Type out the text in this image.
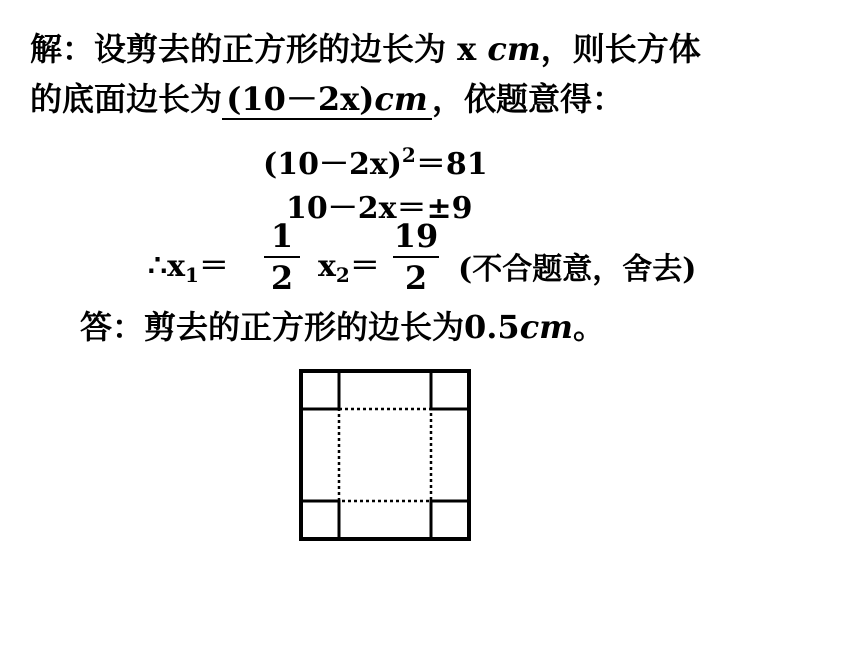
解：设剪去的正方形的边长为 x cm，则长方体
的底面边长为 (10－2x)cm ，依题意得：
$(10-2x)^2=81$
10－2x＝±9
$\therefore x_1=$
1
2 $x_2=$
19
2	(不合题意，舍去)
答：剪去的正方形的边长为0.5cm。
